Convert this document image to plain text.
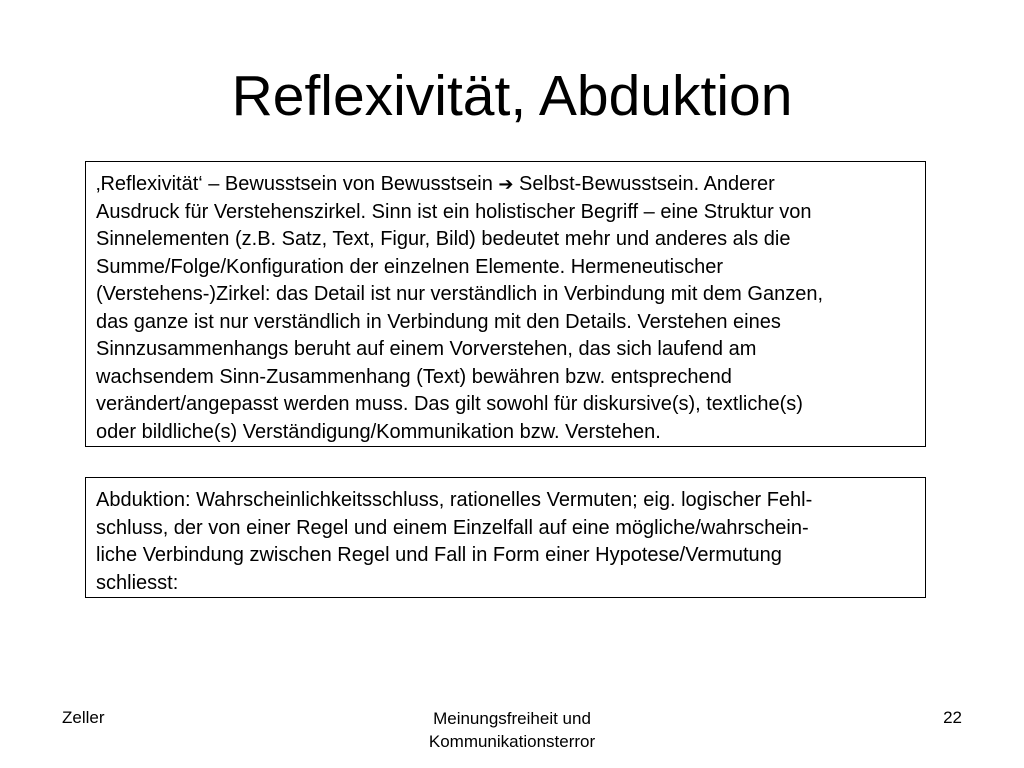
Reflexivität, Abduktion
‚Reflexivität‘ – Bewusstsein von Bewusstsein ➔ Selbst-Bewusstsein. Anderer
Ausdruck für Verstehenszirkel. Sinn ist ein holistischer Begriff – eine Struktur von
Sinnelementen (z.B. Satz, Text, Figur, Bild) bedeutet mehr und anderes als die
Summe/Folge/Konfiguration der einzelnen Elemente. Hermeneutischer
(Verstehens-)Zirkel: das Detail ist nur verständlich in Verbindung mit dem Ganzen,
das ganze ist nur verständlich in Verbindung mit den Details. Verstehen eines
Sinnzusammenhangs beruht auf einem Vorverstehen, das sich laufend am
wachsendem Sinn-Zusammenhang (Text) bewähren bzw. entsprechend
verändert/angepasst werden muss. Das gilt sowohl für diskursive(s), textliche(s)
oder bildliche(s) Verständigung/Kommunikation bzw. Verstehen.
Abduktion: Wahrscheinlichkeitsschluss, rationelles Vermuten; eig. logischer Fehl-
schluss, der von einer Regel und einem Einzelfall auf eine mögliche/wahrschein-
liche Verbindung zwischen Regel und Fall in Form einer Hypotese/Vermutung
schliesst:
Zeller	Meinungsfreiheit und
Kommunikationsterror
22
